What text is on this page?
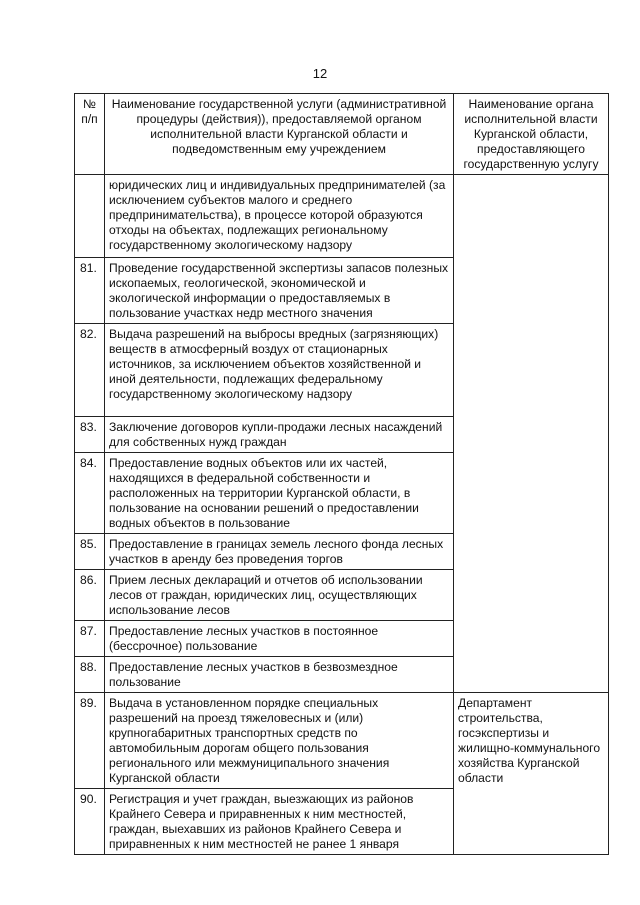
12
№
п/п	Наименование государственной услуги (административной процедуры (действия)), предоставляемой органом исполнительной власти Курганской области и подведомственным ему учреждением	Наименование органа исполнительной власти Курганской области, предоставляющего государственную услугу
	юридических лиц и индивидуальных предпринимателей (за исключением субъектов малого и среднего предпринимательства), в процессе которой образуются отходы на объектах, подлежащих региональному государственному экологическому надзору	
81.	Проведение государственной экспертизы запасов полезных ископаемых, геологической, экономической и экологической информации о предоставляемых в пользование участках недр местного значения	
82.	Выдача разрешений на выбросы вредных (загрязняющих) веществ в атмосферный воздух от стационарных источников, за исключением объектов хозяйственной и иной деятельности, подлежащих федеральному государственному экологическому надзору	
83.	Заключение договоров купли-продажи лесных насаждений для собственных нужд граждан	
84.	Предоставление водных объектов или их частей, находящихся в федеральной собственности и расположенных на территории Курганской области, в пользование на основании решений о предоставлении водных объектов в пользование	
85.	Предоставление в границах земель лесного фонда лесных участков в аренду без проведения торгов	
86.	Прием лесных деклараций и отчетов об использовании лесов от граждан, юридических лиц, осуществляющих использование лесов	
87.	Предоставление лесных участков в постоянное (бессрочное) пользование	
88.	Предоставление лесных участков в безвозмездное пользование	
89.	Выдача в установленном порядке специальных разрешений на проезд тяжеловесных и (или) крупногабаритных транспортных средств по автомобильным дорогам общего пользования регионального или межмуниципального значения Курганской области	Департамент строительства, госэкспертизы и жилищно-коммунального хозяйства Курганской области
90.	Регистрация и учет граждан, выезжающих из районов Крайнего Севера и приравненных к ним местностей, граждан, выехавших из районов Крайнего Севера и приравненных к ним местностей не ранее 1 января	
